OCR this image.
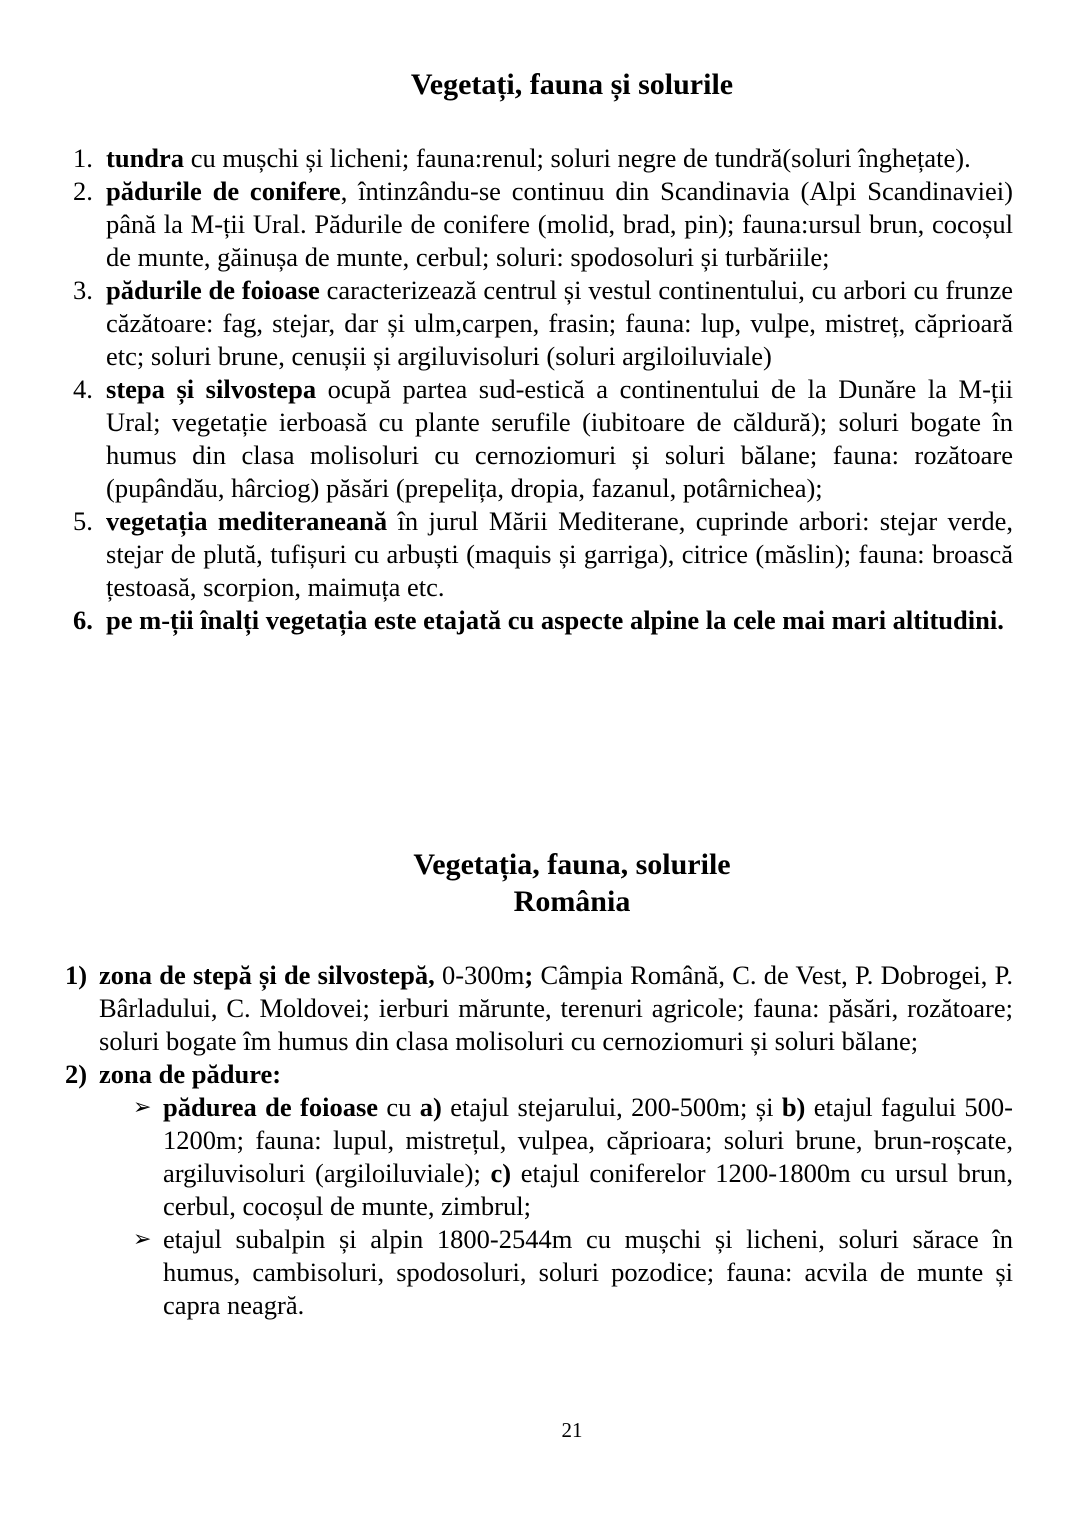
Vegetați, fauna și solurile
1. tundra cu mușchi și licheni; fauna:renul; soluri negre de tundră(soluri înghețate).
2. pădurile de conifere, întinzându-se continuu din Scandinavia (Alpi Scandinaviei) până la M-ții Ural. Pădurile de conifere (molid, brad, pin); fauna:ursul brun, cocoșul de munte, găinușa de munte, cerbul; soluri: spodosoluri și turbăriile;
3. pădurile de foioase caracterizează centrul și vestul continentului, cu arbori cu frunze căzătoare: fag, stejar, dar și ulm,carpen, frasin; fauna: lup, vulpe, mistreț, căprioară etc; soluri brune, cenușii și argiluvisoluri (soluri argiloiluviale)
4. stepa și silvostepa ocupă partea sud-estică a continentului de la Dunăre la M-ții Ural; vegetație ierboasă cu plante serufile (iubitoare de căldură); soluri bogate în humus din clasa molisoluri cu cernoziomuri și soluri bălane; fauna: rozătoare (pupândău, hârciog) păsări (prepelița, dropia, fazanul, potârnichea);
5. vegetația mediteraneană în jurul Mării Mediterane, cuprinde arbori: stejar verde, stejar de plută, tufișuri cu arbuști (maquis și garriga), citrice (măslin); fauna: broască țestoasă, scorpion, maimuța etc.
6. pe m-ții înalți vegetația este etajată cu aspecte alpine la cele mai mari altitudini.
Vegetația, fauna, solurile
România
1) zona de stepă și de silvostepă, 0-300m; Câmpia Română, C. de Vest, P. Dobrogei, P. Bârladului, C. Moldovei; ierburi mărunte, terenuri agricole; fauna: păsări, rozătoare; soluri bogate îm humus din clasa molisoluri cu cernoziomuri și soluri bălane;
2) zona de pădure:
➢ pădurea de foioase cu a) etajul stejarului, 200-500m; și b) etajul fagului 500-1200m; fauna: lupul, mistrețul, vulpea, căprioara; soluri brune, brun-roșcate, argiluvisoluri (argiloiluviale); c) etajul coniferelor 1200-1800m cu ursul brun, cerbul, cocoșul de munte, zimbrul;
➢ etajul subalpin și alpin 1800-2544m cu mușchi și licheni, soluri sărace în humus, cambisoluri, spodosoluri, soluri pozodice; fauna: acvila de munte și capra neagră.
21
